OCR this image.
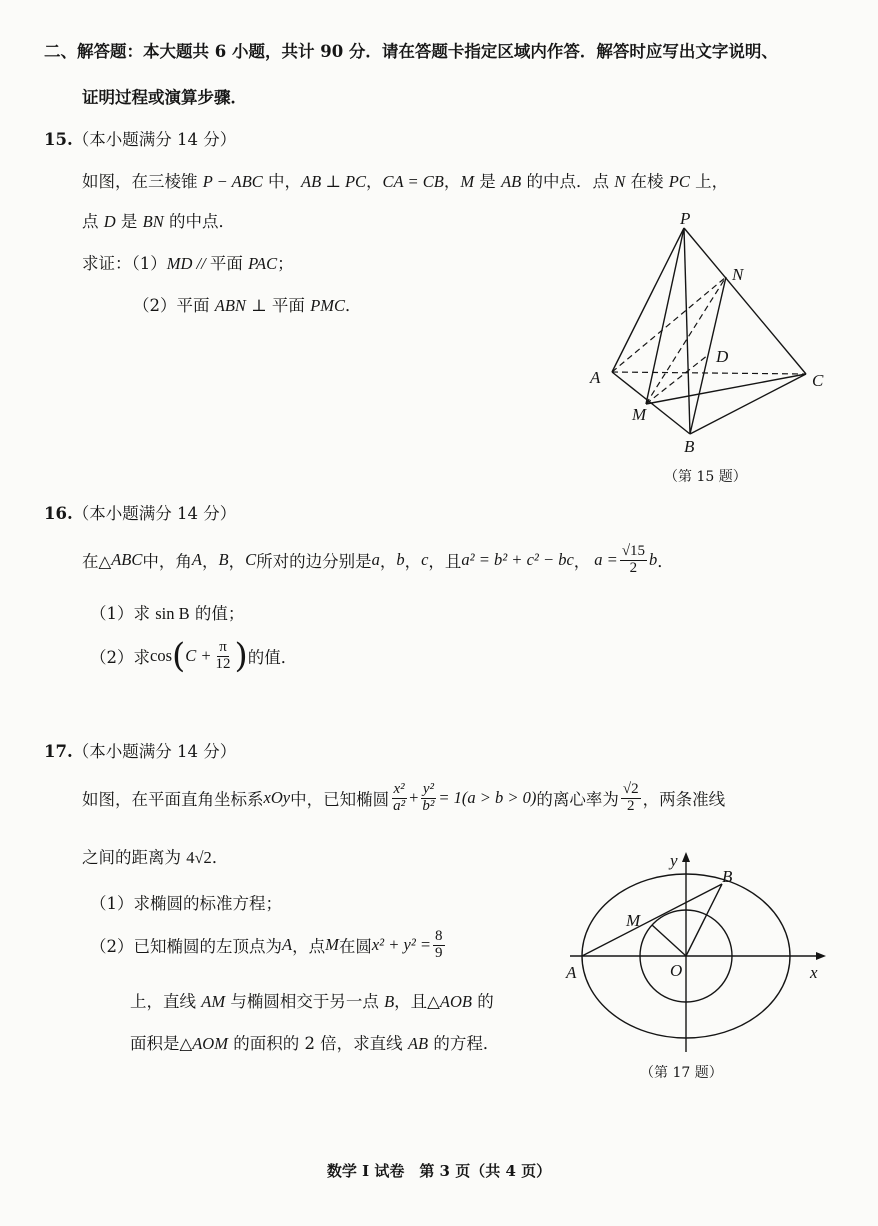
二、解答题：本大题共 6 小题，共计 90 分．请在答题卡指定区域内作答．解答时应写出文字说明、
证明过程或演算步骤．
15.（本小题满分 14 分）
如图，在三棱锥 P − ABC 中，AB ⊥ PC，CA = CB，M 是 AB 的中点．点 N 在棱 PC 上，
点 D 是 BN 的中点．
求证：（1）MD // 平面 PAC；
（2）平面 ABN ⊥ 平面 PMC．
P
N
D
A	C
M
B
（第 15 题）
16.（本小题满分 14 分）
在△ ABC 中，角 A ， B ， C 所对的边分别是 a ， b ， c ，且 a² = b² + c² − bc ， $a = \frac{√15}{2}$ b ．
（1）求 sin B 的值；
（2）求 cos ( $C + \frac{\pi}{12}$ ) 的值．
17.（本小题满分 14 分）
如图，在平面直角坐标系 xOy 中，已知椭圆 $\frac{\text{x²}}{\text{a²}} + \frac{\text{y²}}{\text{b²}} = 1(a > b > 0)$ 的离心率为 $\frac{√2}{2}$ ，两条准线
之间的距离为 4√2．
（1）求椭圆的标准方程；
（2）已知椭圆的左顶点为 A ，点 M 在圆 $x^2 + y^2 = \frac{8}{9}$
上，直线 AM 与椭圆相交于另一点 B，且△AOB 的
面积是△AOM 的面积的 2 倍，求直线 AB 的方程．
y
x
B
M
A	O
（第 17 题）
数学 I 试卷　第 3 页（共 4 页）
